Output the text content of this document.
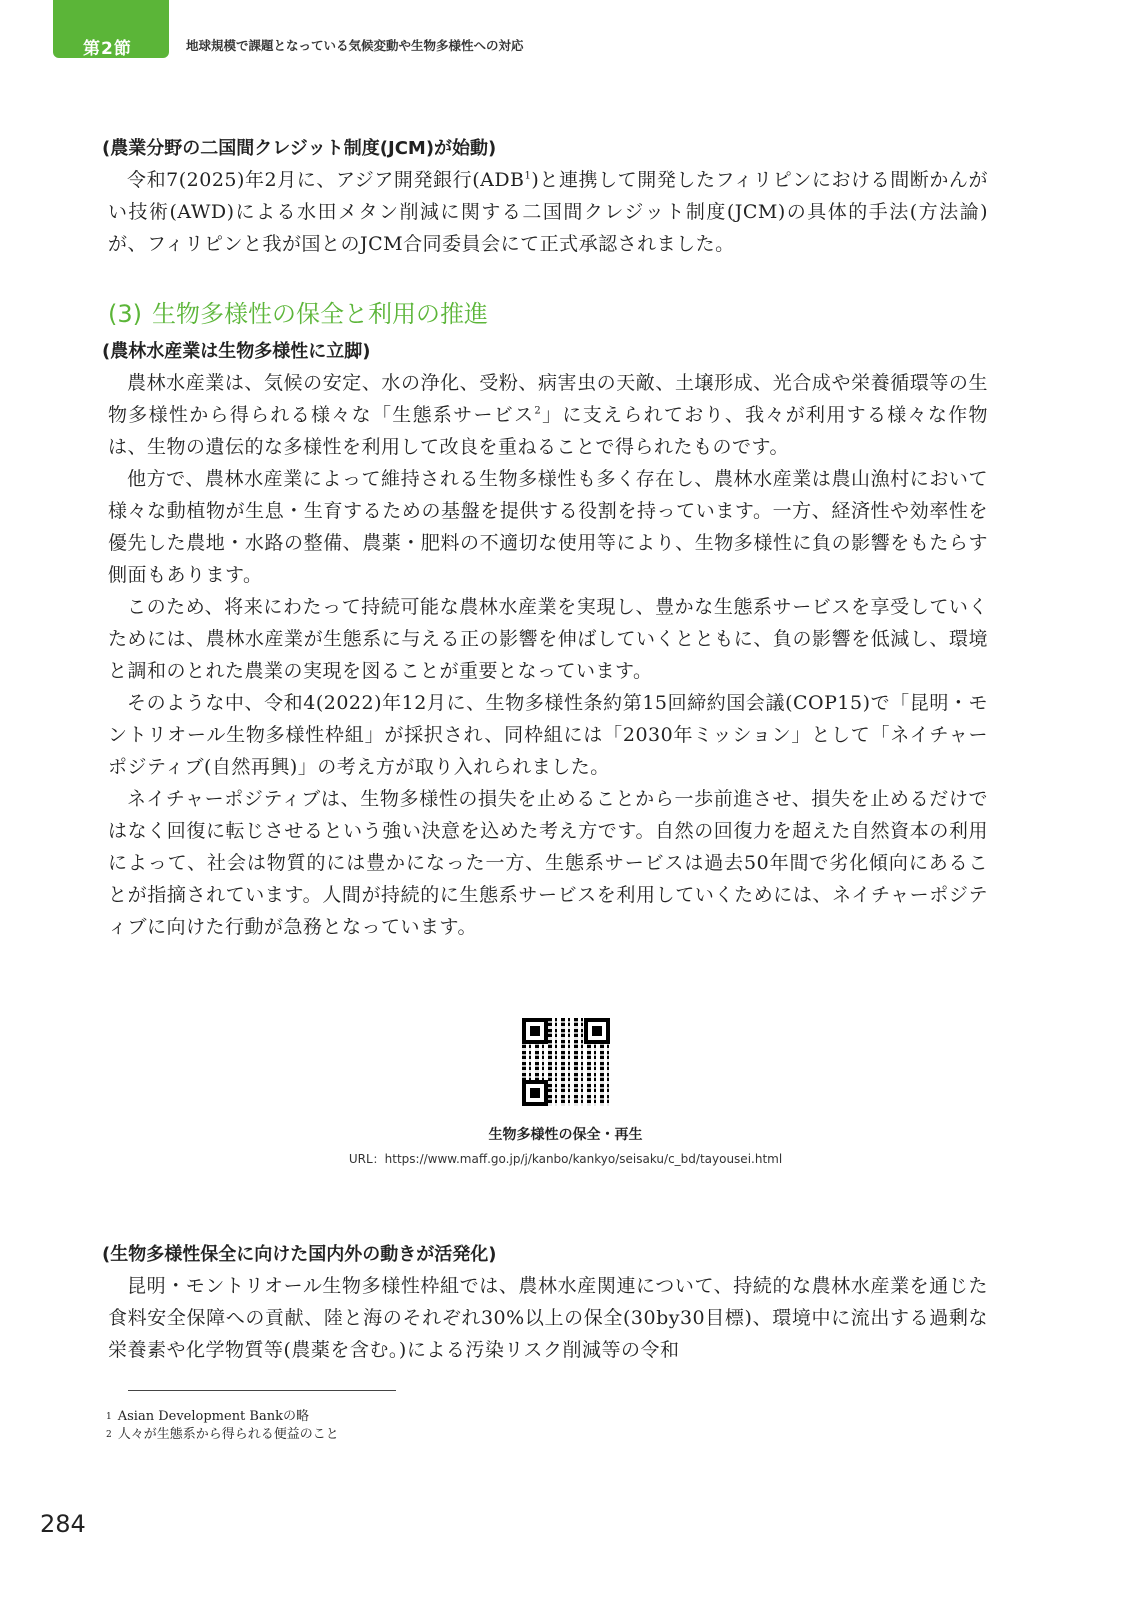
第2節	地球規模で課題となっている気候変動や生物多様性への対応
(農業分野の二国間クレジット制度(JCM)が始動)

令和7(2025)年2月に、アジア開発銀行(ADB$^1$)と連携して開発したフィリピンにおける間断かんがい技術(AWD)による水田メタン削減に関する二国間クレジット制度(JCM)の具体的手法(方法論)が、フィリピンと我が国とのJCM合同委員会にて正式承認されました。

(3) 生物多様性の保全と利用の推進
(農林水産業は生物多様性に立脚)

農林水産業は、気候の安定、水の浄化、受粉、病害虫の天敵、土壌形成、光合成や栄養循環等の生物多様性から得られる様々な「生態系サービス$^2$」に支えられており、我々が利用する様々な作物は、生物の遺伝的な多様性を利用して改良を重ねることで得られたものです。

他方で、農林水産業によって維持される生物多様性も多く存在し、農林水産業は農山漁村において様々な動植物が生息・生育するための基盤を提供する役割を持っています。一方、経済性や効率性を優先した農地・水路の整備、農薬・肥料の不適切な使用等により、生物多様性に負の影響をもたらす側面もあります。

このため、将来にわたって持続可能な農林水産業を実現し、豊かな生態系サービスを享受していくためには、農林水産業が生態系に与える正の影響を伸ばしていくとともに、負の影響を低減し、環境と調和のとれた農業の実現を図ることが重要となっています。

そのような中、令和4(2022)年12月に、生物多様性条約第15回締約国会議(COP15)で「昆明・モントリオール生物多様性枠組」が採択され、同枠組には「2030年ミッション」として「ネイチャーポジティブ(自然再興)」の考え方が取り入れられました。

ネイチャーポジティブは、生物多様性の損失を止めることから一歩前進させ、損失を止めるだけではなく回復に転じさせるという強い決意を込めた考え方です。自然の回復力を超えた自然資本の利用によって、社会は物質的には豊かになった一方、生態系サービスは過去50年間で劣化傾向にあることが指摘されています。人間が持続的に生態系サービスを利用していくためには、ネイチャーポジティブに向けた行動が急務となっています。

生物多様性の保全・再生
URL：https://www.maff.go.jp/j/kanbo/kankyo/seisaku/c_bd/tayousei.html
(生物多様性保全に向けた国内外の動きが活発化)

昆明・モントリオール生物多様性枠組では、農林水産関連について、持続的な農林水産業を通じた食料安全保障への貢献、陸と海のそれぞれ30%以上の保全(30by30目標)、環境中に流出する過剰な栄養素や化学物質等(農薬を含む。)による汚染リスク削減等の令和

$^1$ Asian Development Bankの略
$^2$ 人々が生態系から得られる便益のこと
284
